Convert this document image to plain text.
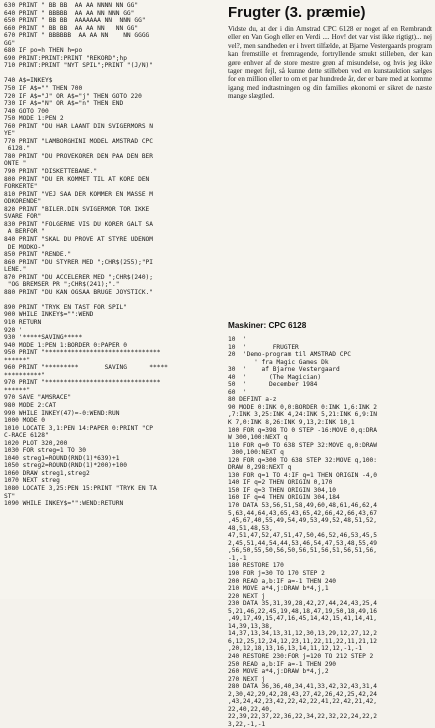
630 PRINT " BB BB  AA AA NNNN NN GG"
640 PRINT " BBBBB  AA AA NN NNN GG"
650 PRINT " BB BB  AAAAAAA NN  NNN GG"
660 PRINT " BB BB  AA AA NN   NN GG"
670 PRINT " BBBBBB  AA AA NN    NN GGGG
GG"
680 IF po=h THEN h=po
690 PRINT:PRINT:PRINT "REKORD";hp
710 PRINT:PRINT "NYT SPIL";PRINT "(J/N)"
740 A$=INKEY$
750 IF A$="" THEN 700
720 IF A$="J" OR A$="j" THEN GOTO 220
730 IF A$="N" OR A$="n" THEN END
740 GOTO 700
750 MODE 1:PEN 2
760 PRINT "DU HAR LAANT DIN SVIGERMORS N
YE"
770 PRINT "LAMBORGHINI MODEL AMSTRAD CPC
6128."
780 PRINT "DU PROVEKORER DEN PAA DEN BER
ONTE "
790 PRINT "DISKETTEBANE."
800 PRINT "DU ER KOMMET TIL AT KORE DEN
FORKERTE"
810 PRINT "VEJ SAA DER KOMMER EN MASSE M
ODKORENDE"
820 PRINT "BILER.DIN SVIGERMOR TOR IKKE
SVARE FOR"
830 PRINT "FOLGERNE VIS DU KORER GALT SA
A BERFOR "
840 PRINT "SKAL DU PROVE AT STYRE UDENOM
DE MODKO-"
850 PRINT "RENDE."
860 PRINT "DU STYRER MED ";CHR$(255);"PI
LENE."
870 PRINT "DU ACCELERER MED ";CHR$(240);
"OG BREMSER PR ";CHR$(241);"."
880 PRINT "DU KAN OGSAA BRUGE JOYSTICK."
890 PRINT "TRYK EN TAST FOR SPIL"
900 WHILE INKEY$="":WEND
910 RETURN
920 '
930 '*****SAVING*****
940 MODE 1:PEN 1:BORDER 0:PAPER 0
950 PRINT "*******************************
******"
960 PRINT "*********       SAVING      *****
**********"
970 PRINT "*******************************
******"
970 SAVE "AMSRACE"
980 MODE 2:CAT
990 WHILE INKEY(47)=-0:WEND:RUN
1000 MODE 0
1010 LOCATE 3,1:PEN 14:PAPER 0:PRINT "CP
C-RACE 6128"
1020 PLOT 320,200
1030 FOR streg=1 TO 30
1040 streg1=ROUND(RND(1)*639)+1
1050 streg2=ROUND(RND(1)*200)+100
1060 DRAW streg1,streg2
1070 NEXT streg
1080 LOCATE 3,25:PEN 15:PRINT "TRYK EN TA
ST"
1090 WHILE INKEY$="":WEND:RETURN
Frugter (3. præmie)
Vidste du, at der i din Amstrad CPC 6128 er noget af en Rembrandt eller en Van Gogh eller en Verdi .... Hov! det var vist ikke rigtigt)... nej vel?, men sandheden er i hvert tilfælde, at Bjarne Vestergaards program kan fremstille et fremragende, fortryllende smukt stilleben, der kan gøre enhver af de store mestre grøn af misundelse, og hvis jeg ikke tager meget fejl, så kunne dette stilleben ved en kunstauktion sælges for en million eller to om et par hundrede år, der er bare med at komme igang med indtastningen og din families økonomi er sikret de næste mange slægtled.
Maskiner: CPC 6128
10  '
10  '       FRUGTER
20  'Demo-program til AMSTRAD CPC
' fra Magic Games Dk
30  '    af Bjarne Vestergaard
40  '      (The Magician)
50  '      December 1984
60  '
80 DEFINT a-z
90 MODE 0:INK 0,0:BORDER 0:INK 1,6:INK 2
,7:INK 3,25:INK 4,24:INK 5,21:INK 6,9:IN
K 7,0:INK 8,26:INK 9,13,2:INK 10,1
100 FOR q=398 TO 0 STEP -16:MOVE 0,q:DRA
W 300,100:NEXT q
110 FOR q=0 TO 638 STEP 32:MOVE q,0:DRAW
300,100:NEXT q
120 FOR q=300 TO 638 STEP 32:MOVE q,100:
DRAW 0,298:NEXT q
130 FOR q=1 TO 4:IF q=1 THEN ORIGIN -4,0
140 IF q=2 THEN ORIGIN 0,170
150 IF q=3 THEN ORIGIN 304,10
160 IF q=4 THEN ORIGIN 304,184
170 DATA 53,56,51,58,49,60,48,61,46,62,4
5,63,44,64,43,65,43,65,42,66,42,66,43,67
,45,67,40,55,49,54,49,53,49,52,48,51,52,
48,51,48,53,
47,51,47,52,47,51,47,50,46,52,46,53,45,5
2,45,51,44,54,44,53,46,54,47,53,48,55,49
,56,50,55,50,56,50,56,51,56,51,56,51,56,
-1,-1
180 RESTORE 170
190 FOR j=30 TO 170 STEP 2
200 READ a,b:IF a=-1 THEN 240
210 MOVE a*4,j:DRAW b*4,j,1
220 NEXT j
230 DATA 35,31,39,28,42,27,44,24,43,25,4
5,21,46,22,45,19,48,18,47,19,50,18,49,16
,49,17,49,15,47,16,45,14,42,15,41,14,41,
14,39,13,38,
14,37,13,34,13,31,12,30,13,29,12,27,12,2
6,12,25,12,24,12,23,11,22,11,22,11,21,12
,20,12,18,13,16,13,14,11,12,12,-1,-1
240 RESTORE 230:FOR j=120 TO 212 STEP 2
250 READ a,b:IF a=-1 THEN 290
260 MOVE a*4,j:DRAW b*4,j,2
270 NEXT j
280 DATA 36,36,40,34,41,33,42,32,43,31,4
2,30,42,29,42,28,43,27,42,26,42,25,42,24
,43,24,42,23,42,22,42,22,41,22,42,21,42,
22,40,22,40,
22,39,22,37,22,36,22,34,22,32,22,24,22,2
3,22,-1,-1
